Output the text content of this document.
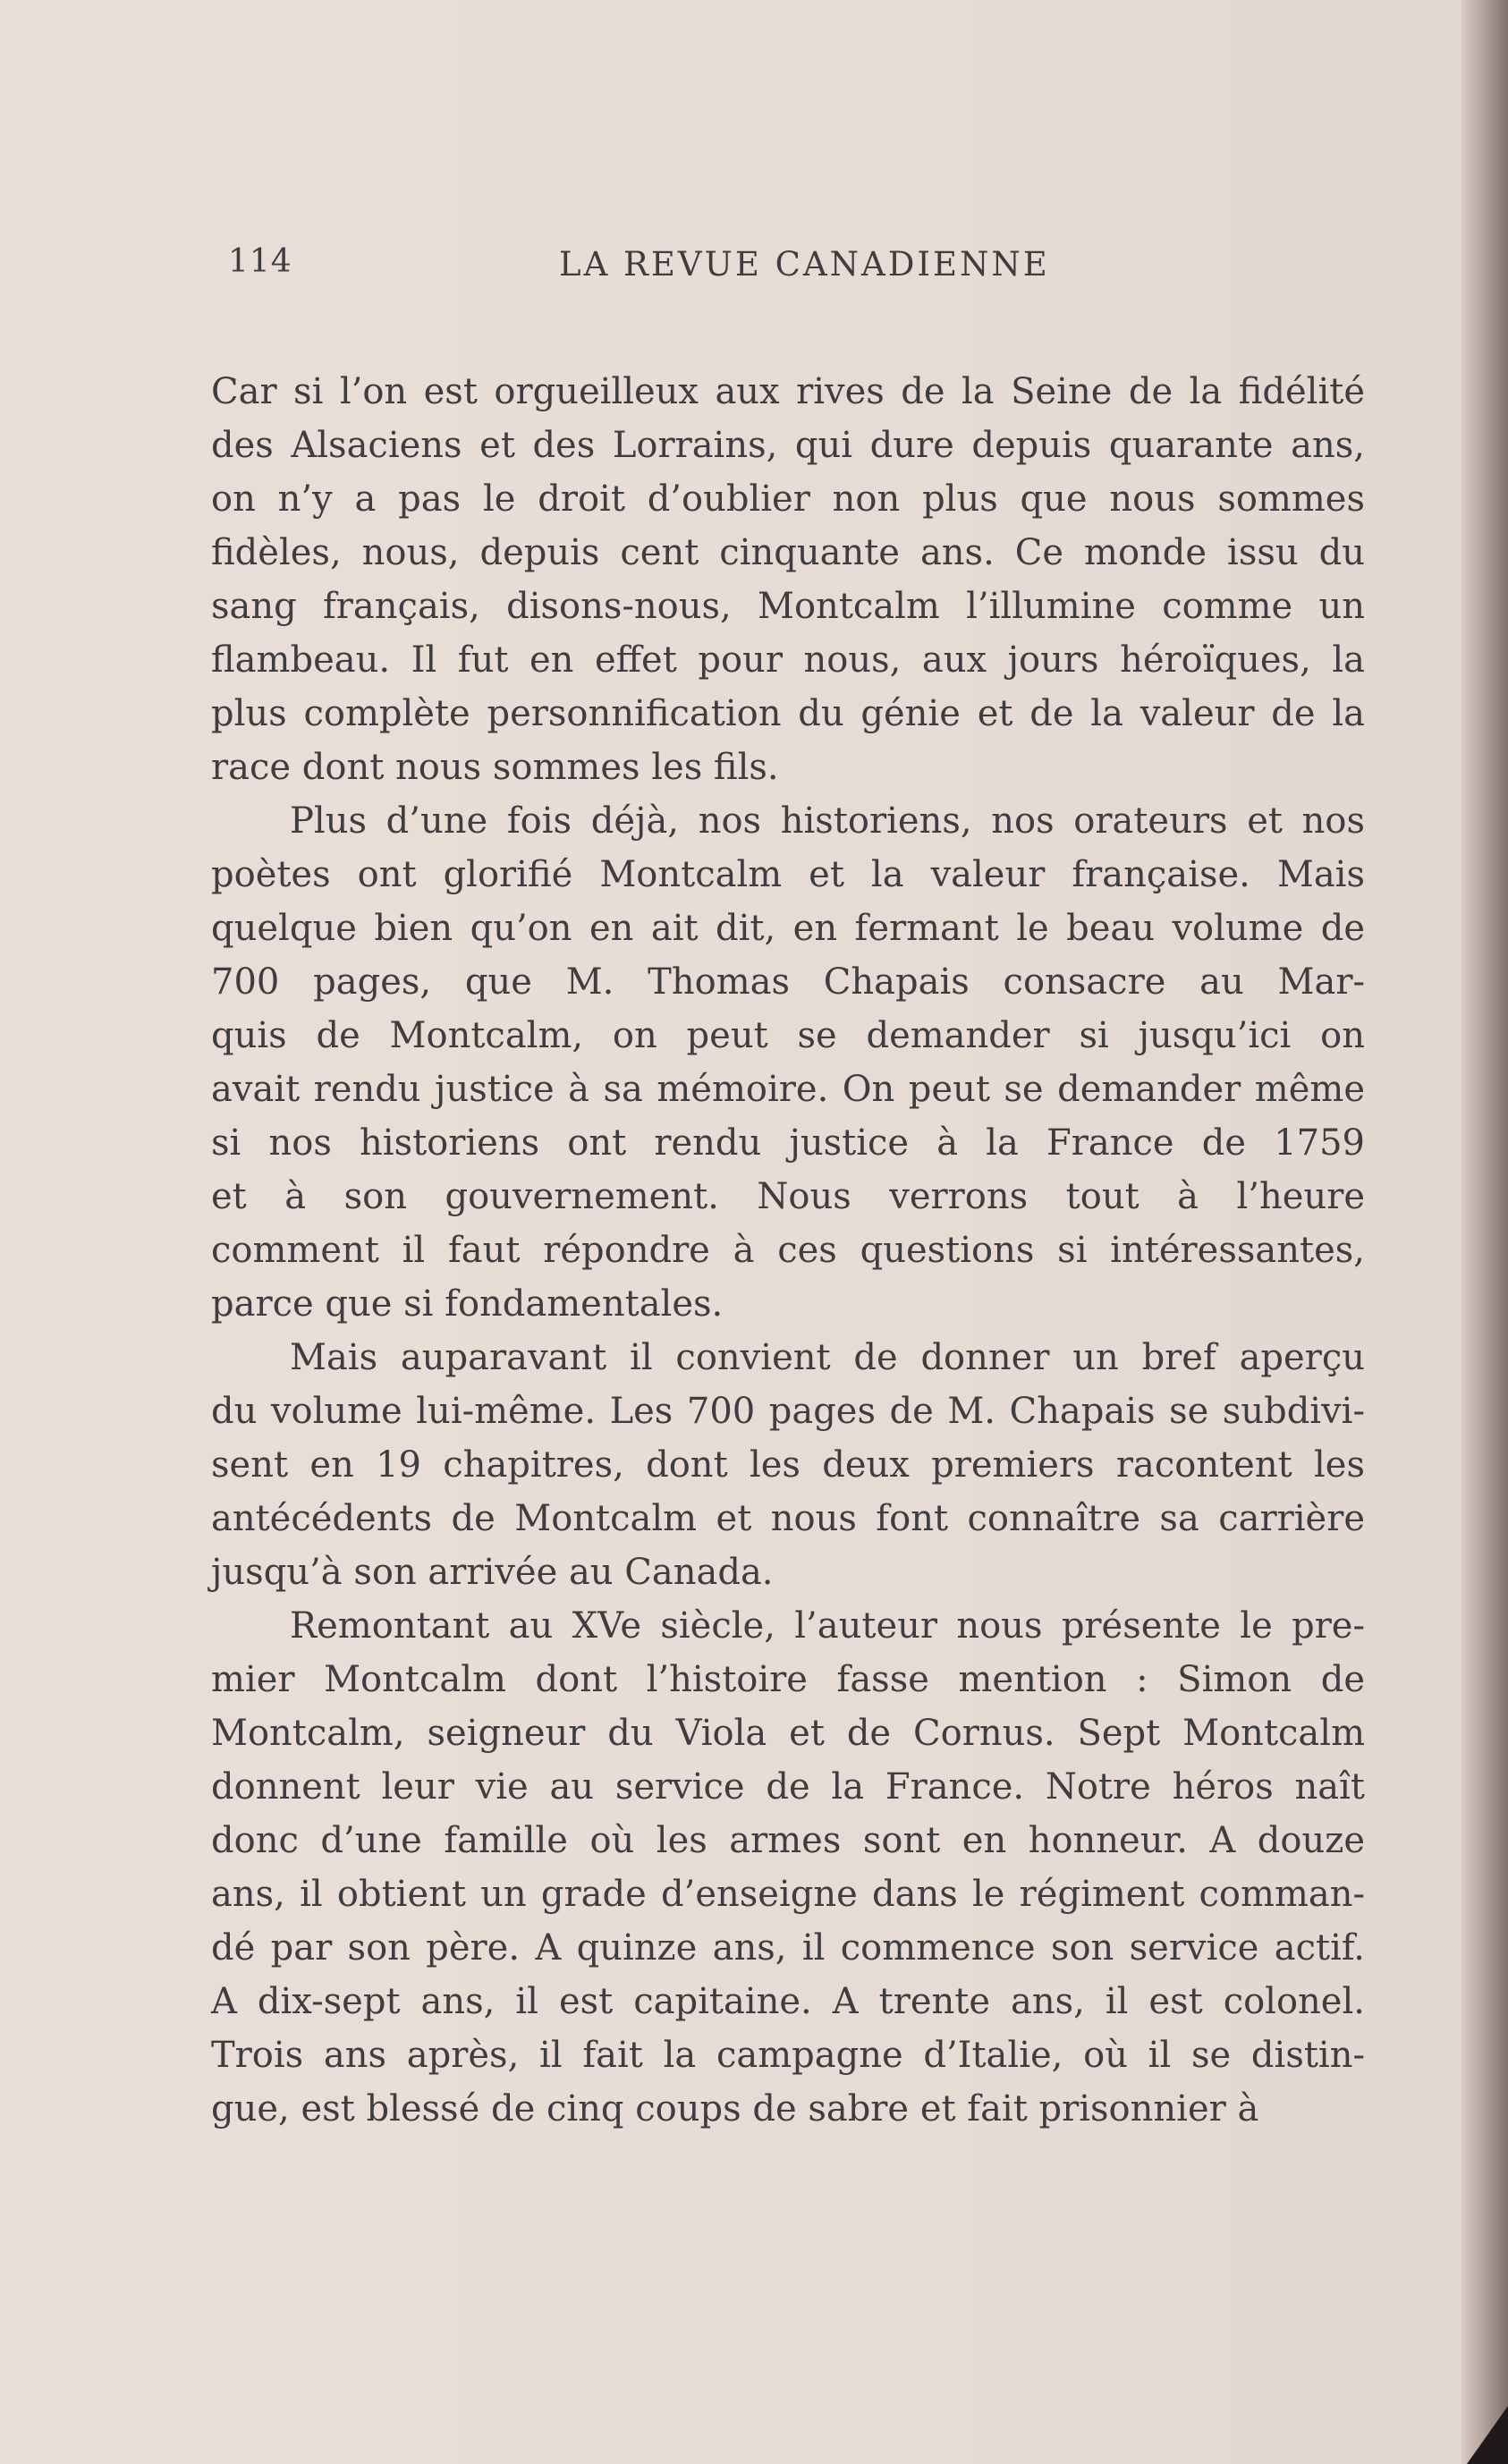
114	LA REVUE CANADIENNE
Car si l’on est orgueilleux aux rives de la Seine de la fidélité
des Alsaciens et des Lorrains, qui dure depuis quarante ans,
on n’y a pas le droit d’oublier non plus que nous sommes
fidèles, nous, depuis cent cinquante ans. Ce monde issu du
sang français, disons-nous, Montcalm l’illumine comme un
flambeau. Il fut en effet pour nous, aux jours héroïques, la
plus complète personnification du génie et de la valeur de la
race dont nous sommes les fils.
Plus d’une fois déjà, nos historiens, nos orateurs et nos
poètes ont glorifié Montcalm et la valeur française. Mais
quelque bien qu’on en ait dit, en fermant le beau volume de
700 pages, que M. Thomas Chapais consacre au Mar-
quis de Montcalm, on peut se demander si jusqu’ici on
avait rendu justice à sa mémoire. On peut se demander même
si nos historiens ont rendu justice à la France de 1759
et à son gouvernement. Nous verrons tout à l’heure
comment il faut répondre à ces questions si intéressantes,
parce que si fondamentales.
Mais auparavant il convient de donner un bref aperçu
du volume lui-même. Les 700 pages de M. Chapais se subdivi-
sent en 19 chapitres, dont les deux premiers racontent les
antécédents de Montcalm et nous font connaître sa carrière
jusqu’à son arrivée au Canada.
Remontant au XVe siècle, l’auteur nous présente le pre-
mier Montcalm dont l’histoire fasse mention : Simon de
Montcalm, seigneur du Viola et de Cornus. Sept Montcalm
donnent leur vie au service de la France. Notre héros naît
donc d’une famille où les armes sont en honneur. A douze
ans, il obtient un grade d’enseigne dans le régiment comman-
dé par son père. A quinze ans, il commence son service actif.
A dix-sept ans, il est capitaine. A trente ans, il est colonel.
Trois ans après, il fait la campagne d’Italie, où il se distin-
gue, est blessé de cinq coups de sabre et fait prisonnier à
